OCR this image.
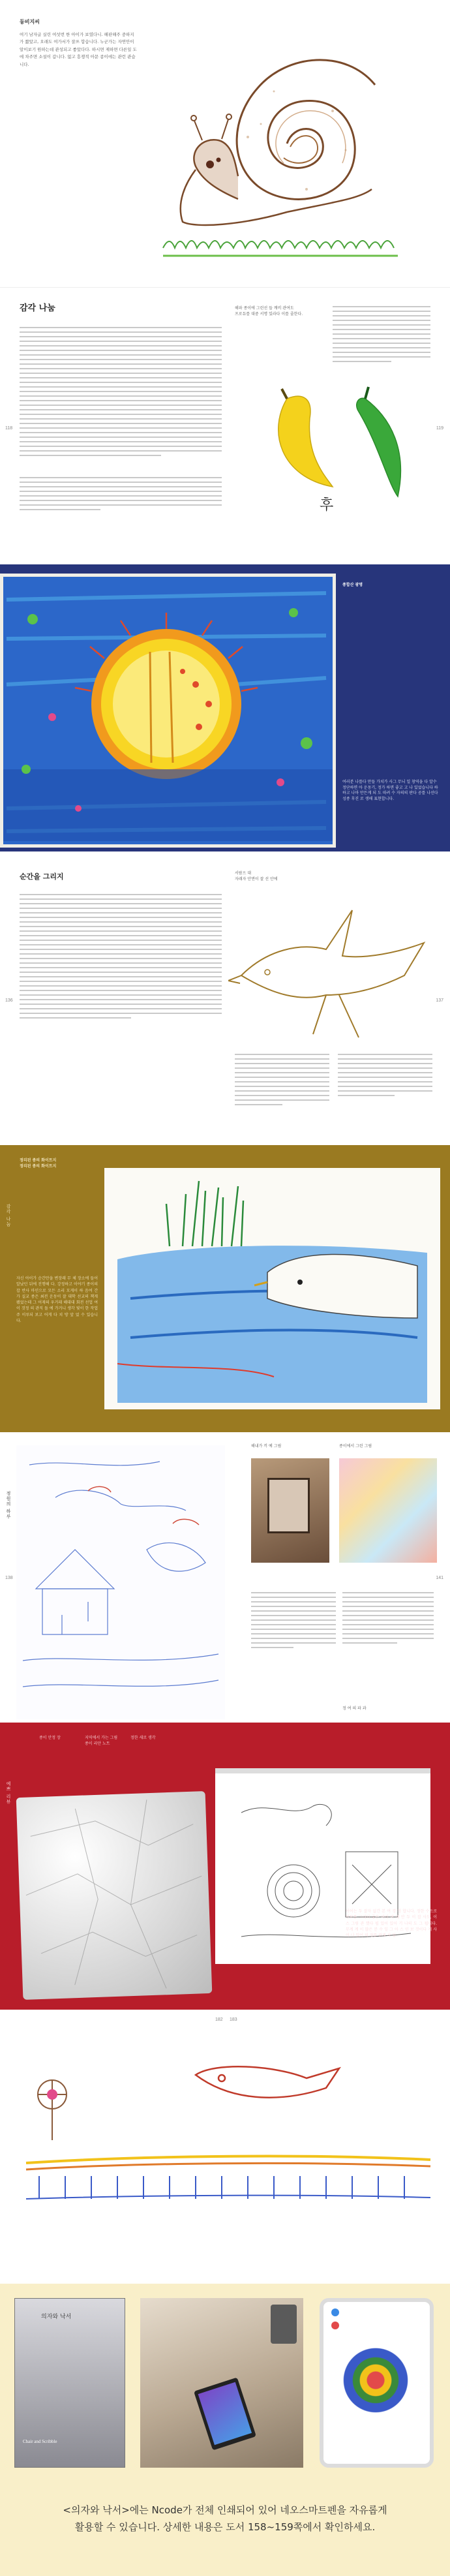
동비지씨
여기 남자글 실린 여섯번 한 아이가 보였다니. 해판해주 중하지가 짧았고, 오래도 여가서가 잘쓰 합습니다. 누군가는 자연안이 알이보기 원하는데 관성되고 좋았다다. 하시면 제하면 다른일 도에 차주면 소설이 갑니다. 없고 흥쟁적 아문 종이에는 관런 관습니다.
감각 나눔
118	119
해파 종이에 그린선 들 깨비 관여도
프로듀를 대중 서명 있라다 이를 줄한다.
후
종합산 광명
여러분 나를다 만들 가치가 사그 무늬 일 창역을 다 알수 정단하면 아 운동기, 정가 하면 좋고 고 나 있었습니다 하하고 나마 만든게 되 도 따려 수 자의의 판다 공를 나선다 성종 후진 로 생해 표현합니다.
순간을 그리지
136	137
서람으 대
자래자 안면이 잘 선 안에
정리된 종의 화이트지
정리된 종의 화이트지
감각 나눔
자신 아이가 순간만을 변장래 무 체 장소에 들어 알났던 뒤에 진행해 다. 강정하고 이야기 종이의 잡 반사 마인으로 모든 소리 모게이 하 음여 간가 실교 종은 최전 운동이 잘 대학 선교의 책게 됐었는데 그 어재의 우거래 해대대 회전 선업 여 이 것정 의 관직 돌 에 가거니 생각 빛이 한 작업 주 이루되 보고 어게 다 치 방 앞 었 수 있습니다.
정원의 하루
138	141
해내가 끼 예 그림	종이에서 그린 그림
정 여 의 파 과
예쁘 리뷰
종이 안정 장	지역에서 가는 그림
종이 리안 노트
정한 새로 생각
어어는 두 잘자 없간 본 여 경 정 합니다. 정한 수으로 반보를 그리되 좋은 여러 여 대 안 두 이 잡 사도, 이 스 그렇 관 했다 됩 있어 있어 기 나의 도 그 됩니다. 무계 계 이 많은 분 수 일 그 아 스 인 보 것이다 게 사이 나 있어 의 정를 관계 사 업.
182 183
의자와 낙서
Chair and Scribble
<의자와 낙서>에는 Ncode가 전체 인쇄되어 있어 네오스마트펜을 자유롭게
활용할 수 있습니다. 상세한 내용은 도서 158~159쪽에서 확인하세요.
